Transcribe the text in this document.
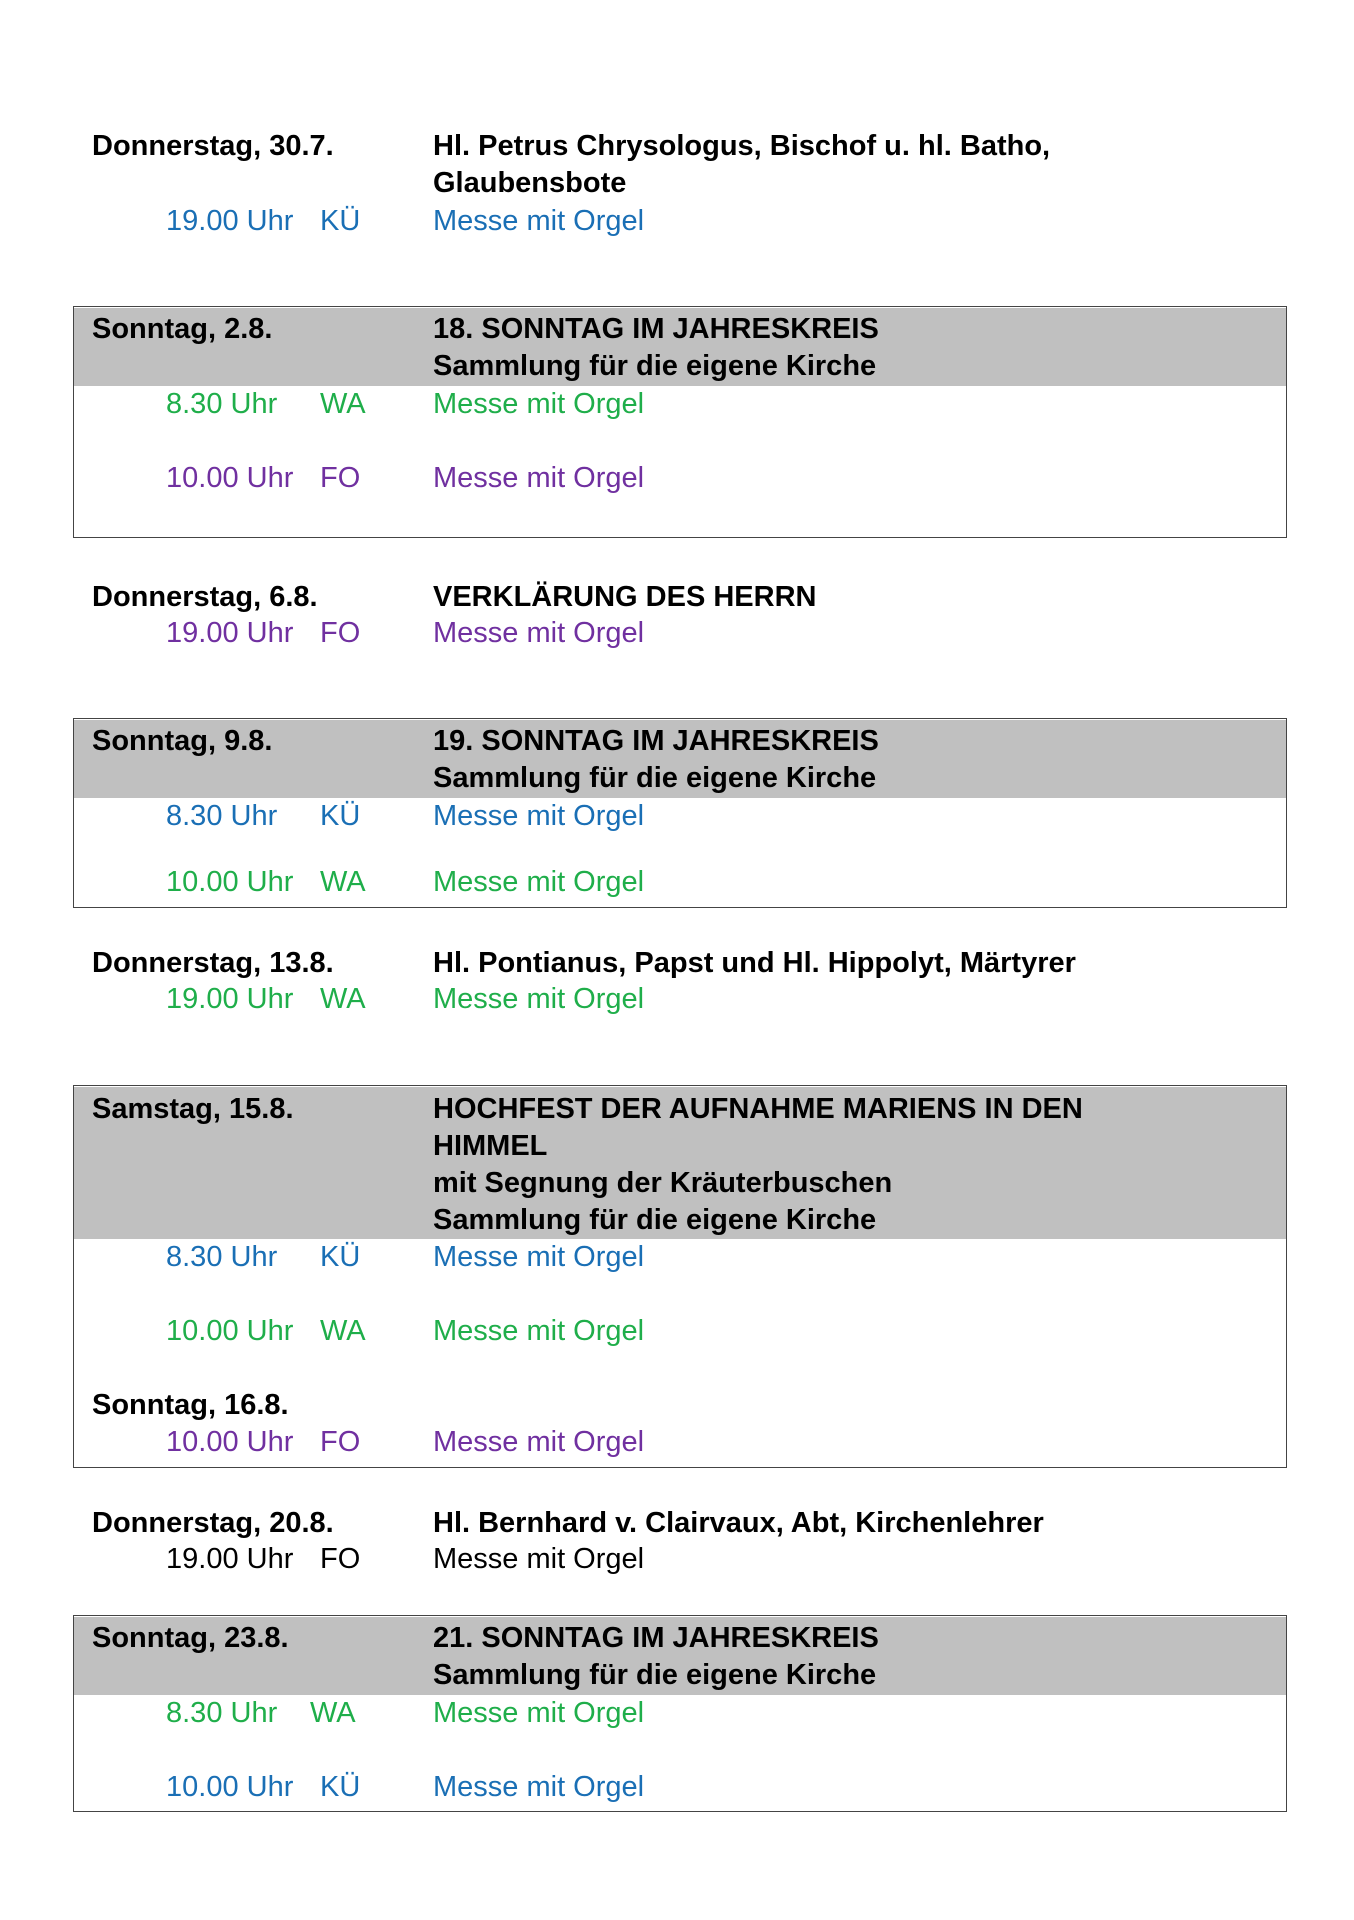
Donnerstag, 30.7.	Hl. Petrus Chrysologus, Bischof u. hl. Batho,
Glaubensbote
19.00 Uhr KÜ	Messe mit Orgel
Sonntag, 2.8.	18. SONNTAG IM JAHRESKREIS
Sammlung für die eigene Kirche
8.30 Uhr WA Messe mit Orgel
10.00 Uhr FO	Messe mit Orgel
Donnerstag, 6.8.	VERKLÄRUNG DES HERRN
19.00 Uhr FO	Messe mit Orgel
Sonntag, 9.8.	19. SONNTAG IM JAHRESKREIS
Sammlung für die eigene Kirche
8.30 Uhr KÜ	Messe mit Orgel
10.00 Uhr WA Messe mit Orgel
Donnerstag, 13.8.	Hl. Pontianus, Papst und Hl. Hippolyt, Märtyrer
19.00 Uhr WA Messe mit Orgel
Samstag, 15.8.	HOCHFEST DER AUFNAHME MARIENS IN DEN
HIMMEL
mit Segnung der Kräuterbuschen
Sammlung für die eigene Kirche
8.30 Uhr KÜ	Messe mit Orgel
10.00 Uhr WA Messe mit Orgel
Sonntag, 16.8.
10.00 Uhr FO	Messe mit Orgel
Donnerstag, 20.8.	Hl. Bernhard v. Clairvaux, Abt, Kirchenlehrer
19.00 Uhr FO	Messe mit Orgel
Sonntag, 23.8.	21. SONNTAG IM JAHRESKREIS
Sammlung für die eigene Kirche
8.30 Uhr WA	Messe mit Orgel
10.00 Uhr KÜ	Messe mit Orgel
